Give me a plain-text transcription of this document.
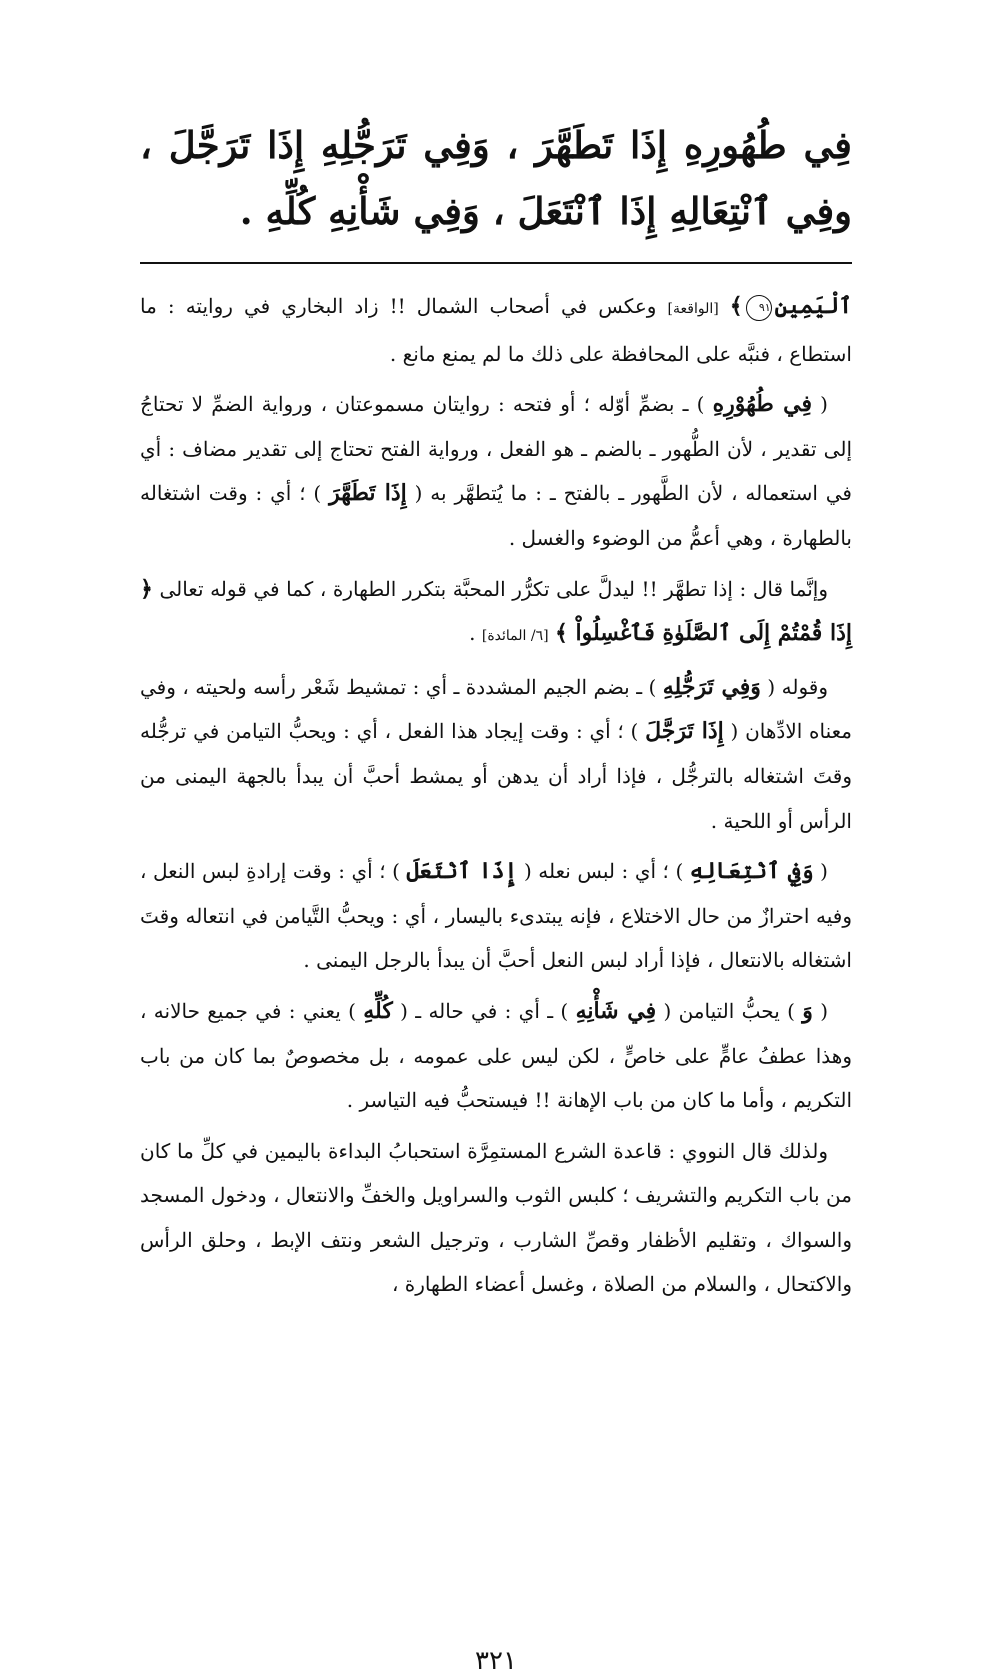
فِي طُهُورِهِ إِذَا تَطَهَّرَ ، وَفِي تَرَجُّلِهِ إِذَا تَرَجَّلَ ، وفِي ٱنْتِعَالِهِ إِذَا ٱنْتَعَلَ ، وَفِي شَأْنِهِ كُلِّهِ .

ٱلْيَمِينِ٩١﴾ [الواقعة] وعكس في أصحاب الشمال !! زاد البخاري في روايته : ما استطاع ، فنبَّه على المحافظة على ذلك ما لم يمنع مانع .

( فِي طُهُوْرِهِ ) ـ بضمِّ أوّله ؛ أو فتحه : روايتان مسموعتان ، ورواية الضمِّ لا تحتاجُ إلى تقدير ، لأن الطُّهور ـ بالضم ـ هو الفعل ، ورواية الفتح تحتاج إلى تقدير مضاف : أي في استعماله ، لأن الطَّهور ـ بالفتح ـ : ما يُتطهَّر به ( إِذَا تَطَهَّرَ ) ؛ أي : وقت اشتغاله بالطهارة ، وهي أعمُّ من الوضوء والغسل .

وإنَّما قال : إذا تطهَّر !! ليدلَّ على تكرُّر المحبَّة بتكرر الطهارة ، كما في قوله تعالى ﴿ إِذَا قُمْتُمْ إِلَى ٱلصَّلَوٰةِ فَٱغْسِلُواْ ﴾ [٦/ المائدة] .

وقوله ( وَفِي تَرَجُّلِهِ ) ـ بضم الجيم المشددة ـ أي : تمشيط شَعْر رأسه ولحيته ، وفي معناه الادِّهان ( إِذَا تَرَجَّلَ ) ؛ أي : وقت إيجاد هذا الفعل ، أي : ويحبُّ التيامن في ترجُّله وقتَ اشتغاله بالترجُّل ، فإذا أراد أن يدهن أو يمشط أحبَّ أن يبدأ بالجهة اليمنى من الرأس أو اللحية .

( وَفِي ٱنْتِعَالِهِ ) ؛ أي : لبس نعله ( إِذَا ٱنْتَعَلَ ) ؛ أي : وقت إرادةِ لبس النعل ، وفيه احترازٌ من حال الاختلاع ، فإنه يبتدىء باليسار ، أي : ويحبُّ التَّيامن في انتعاله وقتَ اشتغاله بالانتعال ، فإذا أراد لبس النعل أحبَّ أن يبدأ بالرجل اليمنى .

( وَ ) يحبُّ التيامن ( فِي شَأْنِهِ ) ـ أي : في حاله ـ ( كُلِّهِ ) يعني : في جميع حالانه ، وهذا عطفُ عامٍّ على خاصٍّ ، لكن ليس على عمومه ، بل مخصوصٌ بما كان من باب التكريم ، وأما ما كان من باب الإهانة !! فيستحبُّ فيه التياسر .

ولذلك قال النووي : قاعدة الشرع المستمِرَّة استحبابُ البداءة باليمين في كلِّ ما كان من باب التكريم والتشريف ؛ كلبس الثوب والسراويل والخفِّ والانتعال ، ودخول المسجد والسواك ، وتقليم الأظفار وقصِّ الشارب ، وترجيل الشعر ونتف الإبط ، وحلق الرأس والاكتحال ، والسلام من الصلاة ، وغسل أعضاء الطهارة ،

٣٢١
